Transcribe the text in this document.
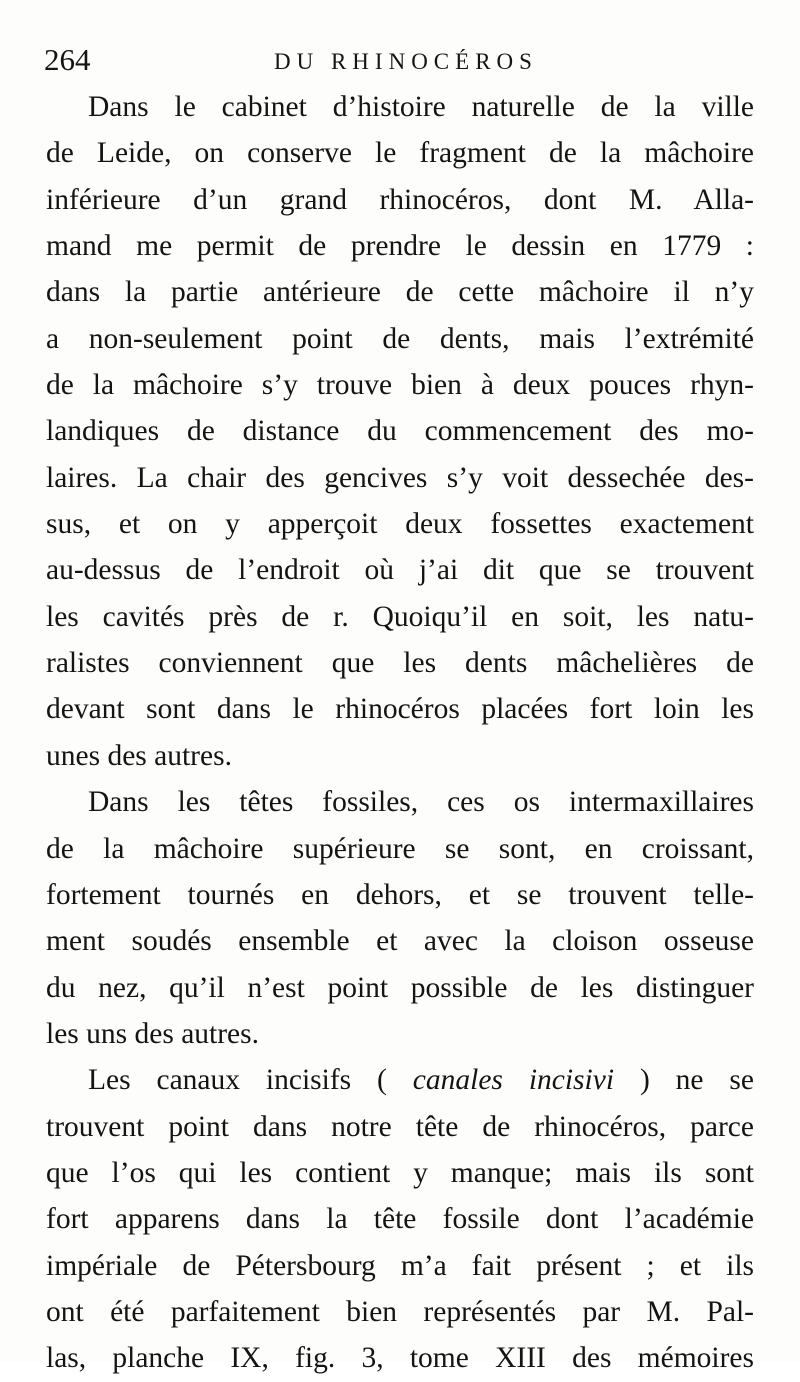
264	DU RHINOCÉROS
Dans le cabinet d’histoire naturelle de la ville
de Leide, on conserve le fragment de la mâchoire
inférieure d’un grand rhinocéros, dont M. Alla-
mand me permit de prendre le dessin en 1779 :
dans la partie antérieure de cette mâchoire il n’y
a non-seulement point de dents, mais l’extrémité
de la mâchoire s’y trouve bien à deux pouces rhyn-
landiques de distance du commencement des mo-
laires. La chair des gencives s’y voit dessechée des-
sus, et on y apperçoit deux fossettes exactement
au-dessus de l’endroit où j’ai dit que se trouvent
les cavités près de r. Quoiqu’il en soit, les natu-
ralistes conviennent que les dents mâchelières de
devant sont dans le rhinocéros placées fort loin les
unes des autres.
Dans les têtes fossiles, ces os intermaxillaires
de la mâchoire supérieure se sont, en croissant,
fortement tournés en dehors, et se trouvent telle-
ment soudés ensemble et avec la cloison osseuse
du nez, qu’il n’est point possible de les distinguer
les uns des autres.
Les canaux incisifs ( canales incisivi ) ne se
trouvent point dans notre tête de rhinocéros, parce
que l’os qui les contient y manque; mais ils sont
fort apparens dans la tête fossile dont l’académie
impériale de Pétersbourg m’a fait présent ; et ils
ont été parfaitement bien représentés par M. Pal-
las, planche IX, fig. 3, tome XIII des mémoires
